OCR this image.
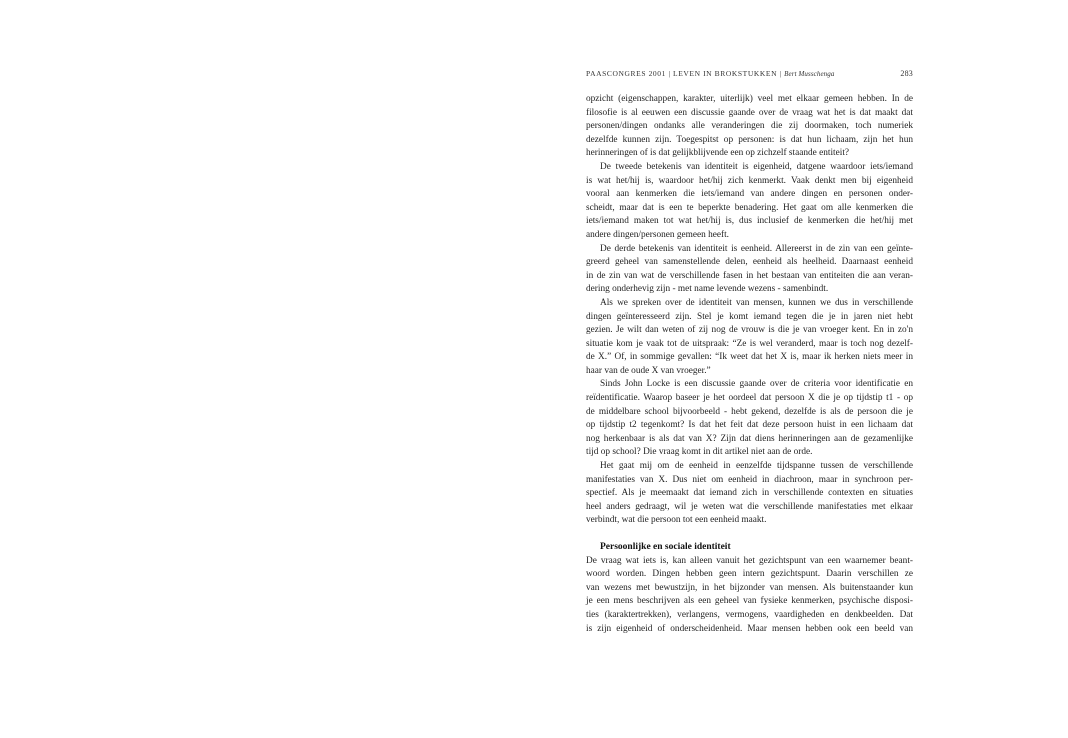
PAASCONGRES 2001 | LEVEN IN BROKSTUKKEN | Bert Musschenga	283
opzicht (eigenschappen, karakter, uiterlijk) veel met elkaar gemeen hebben. In de
filosofie is al eeuwen een discussie gaande over de vraag wat het is dat maakt dat
personen/dingen ondanks alle veranderingen die zij doormaken, toch numeriek
dezelfde kunnen zijn. Toegespitst op personen: is dat hun lichaam, zijn het hun
herinneringen of is dat gelijkblijvende een op zichzelf staande entiteit?
De tweede betekenis van identiteit is eigenheid, datgene waardoor iets/iemand
is wat het/hij is, waardoor het/hij zich kenmerkt. Vaak denkt men bij eigenheid
vooral aan kenmerken die iets/iemand van andere dingen en personen onder-
scheidt, maar dat is een te beperkte benadering. Het gaat om alle kenmerken die
iets/iemand maken tot wat het/hij is, dus inclusief de kenmerken die het/hij met
andere dingen/personen gemeen heeft.
De derde betekenis van identiteit is eenheid. Allereerst in de zin van een geïnte-
greerd geheel van samenstellende delen, eenheid als heelheid. Daarnaast eenheid
in de zin van wat de verschillende fasen in het bestaan van entiteiten die aan veran-
dering onderhevig zijn - met name levende wezens - samenbindt.
Als we spreken over de identiteit van mensen, kunnen we dus in verschillende
dingen geïnteresseerd zijn. Stel je komt iemand tegen die je in jaren niet hebt
gezien. Je wilt dan weten of zij nog de vrouw is die je van vroeger kent. En in zo'n
situatie kom je vaak tot de uitspraak: “Ze is wel veranderd, maar is toch nog dezelf-
de X.” Of, in sommige gevallen: “Ik weet dat het X is, maar ik herken niets meer in
haar van de oude X van vroeger.”
Sinds John Locke is een discussie gaande over de criteria voor identificatie en
reïdentificatie. Waarop baseer je het oordeel dat persoon X die je op tijdstip t1 - op
de middelbare school bijvoorbeeld - hebt gekend, dezelfde is als de persoon die je
op tijdstip t2 tegenkomt? Is dat het feit dat deze persoon huist in een lichaam dat
nog herkenbaar is als dat van X? Zijn dat diens herinneringen aan de gezamenlijke
tijd op school? Die vraag komt in dit artikel niet aan de orde.
Het gaat mij om de eenheid in eenzelfde tijdspanne tussen de verschillende
manifestaties van X. Dus niet om eenheid in diachroon, maar in synchroon per-
spectief. Als je meemaakt dat iemand zich in verschillende contexten en situaties
heel anders gedraagt, wil je weten wat die verschillende manifestaties met elkaar
verbindt, wat die persoon tot een eenheid maakt.
Persoonlijke en sociale identiteit
De vraag wat iets is, kan alleen vanuit het gezichtspunt van een waarnemer beant-
woord worden. Dingen hebben geen intern gezichtspunt. Daarin verschillen ze
van wezens met bewustzijn, in het bijzonder van mensen. Als buitenstaander kun
je een mens beschrijven als een geheel van fysieke kenmerken, psychische disposi-
ties (karaktertrekken), verlangens, vermogens, vaardigheden en denkbeelden. Dat
is zijn eigenheid of onderscheidenheid. Maar mensen hebben ook een beeld van
